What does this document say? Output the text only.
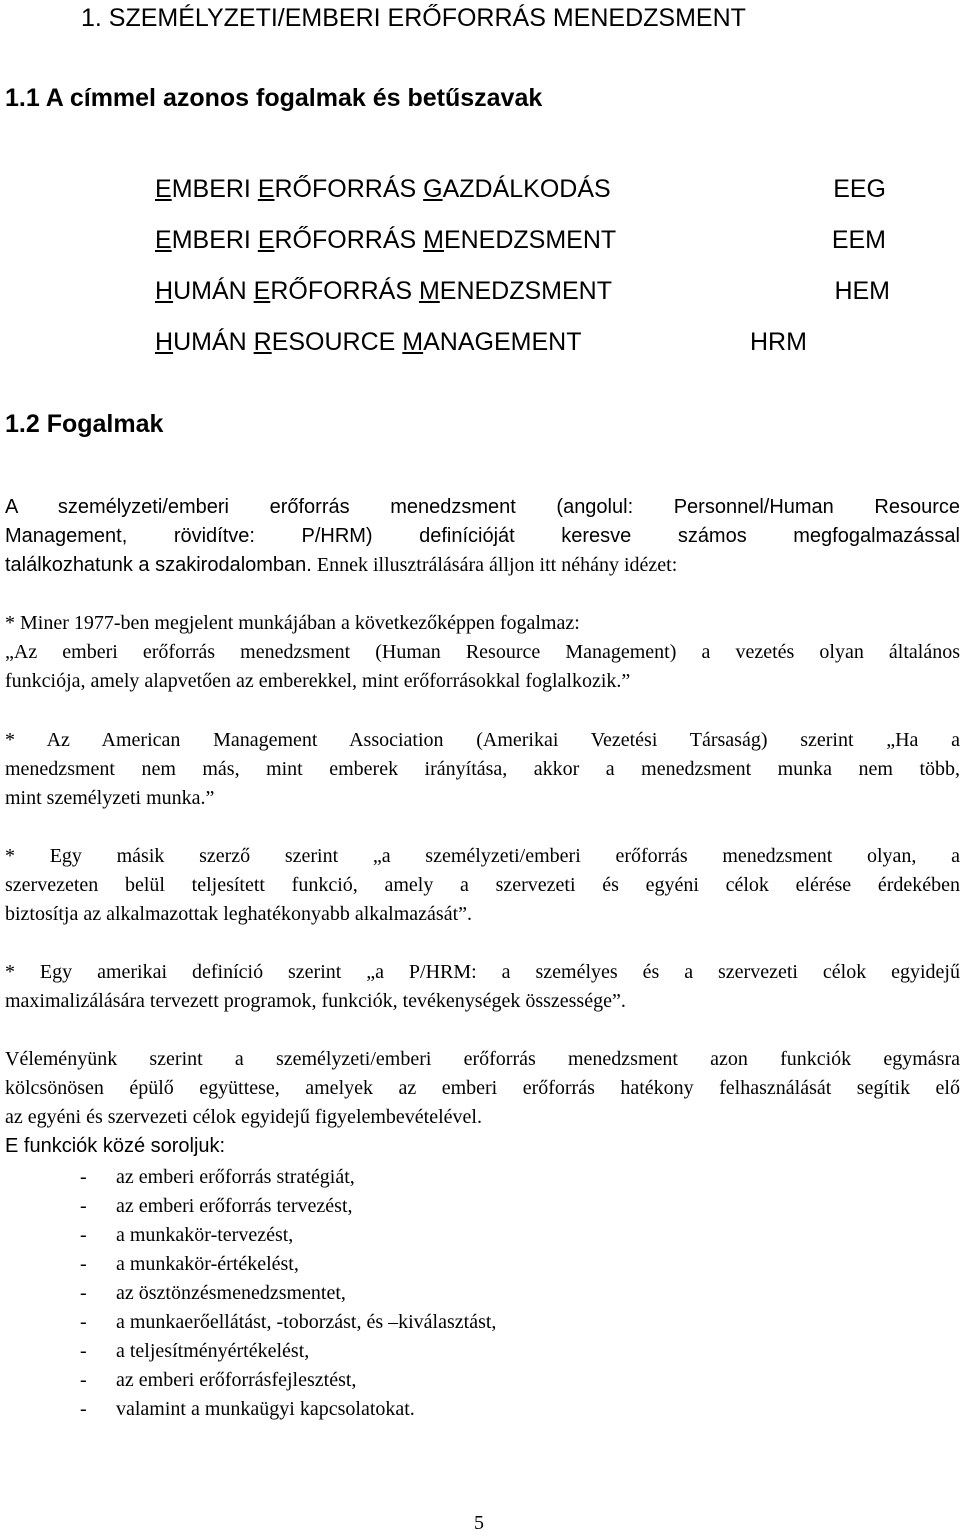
1. SZEMÉLYZETI/EMBERI ERŐFORRÁS MENEDZSMENT
1.1 A címmel azonos fogalmak és betűszavak
EMBERI ERŐFORRÁS GAZDÁLKODÁS	EEG
EMBERI ERŐFORRÁS MENEDZSMENT	EEM
HUMÁN ERŐFORRÁS MENEDZSMENT	HEM
HUMÁN RESOURCE MANAGEMENT	HRM
1.2 Fogalmak
A személyzeti/emberi erőforrás menedzsment (angolul: Personnel/Human Resource
Management, rövidítve: P/HRM) definícióját keresve számos megfogalmazással
találkozhatunk a szakirodalomban. Ennek illusztrálására álljon itt néhány idézet:
* Miner 1977-ben megjelent munkájában a következőképpen fogalmaz:
„Az emberi erőforrás menedzsment (Human Resource Management) a vezetés olyan általános
funkciója, amely alapvetően az emberekkel, mint erőforrásokkal foglalkozik.”
* Az American Management Association (Amerikai Vezetési Társaság) szerint „Ha a
menedzsment nem más, mint emberek irányítása, akkor a menedzsment munka nem több,
mint személyzeti munka.”
* Egy másik szerző szerint „a személyzeti/emberi erőforrás menedzsment olyan, a
szervezeten belül teljesített funkció, amely a szervezeti és egyéni célok elérése érdekében
biztosítja az alkalmazottak leghatékonyabb alkalmazását”.
* Egy amerikai definíció szerint „a P/HRM: a személyes és a szervezeti célok egyidejű
maximalizálására tervezett programok, funkciók, tevékenységek összessége”.
Véleményünk szerint a személyzeti/emberi erőforrás menedzsment azon funkciók egymásra
kölcsönösen épülő együttese, amelyek az emberi erőforrás hatékony felhasználását segítik elő
az egyéni és szervezeti célok egyidejű figyelembevételével.
E funkciók közé soroljuk:
- az emberi erőforrás stratégiát,
- az emberi erőforrás tervezést,
- a munkakör-tervezést,
- a munkakör-értékelést,
- az ösztönzésmenedzsmentet,
- a munkaerőellátást, -toborzást, és –kiválasztást,
- a teljesítményértékelést,
- az emberi erőforrásfejlesztést,
- valamint a munkaügyi kapcsolatokat.
5
